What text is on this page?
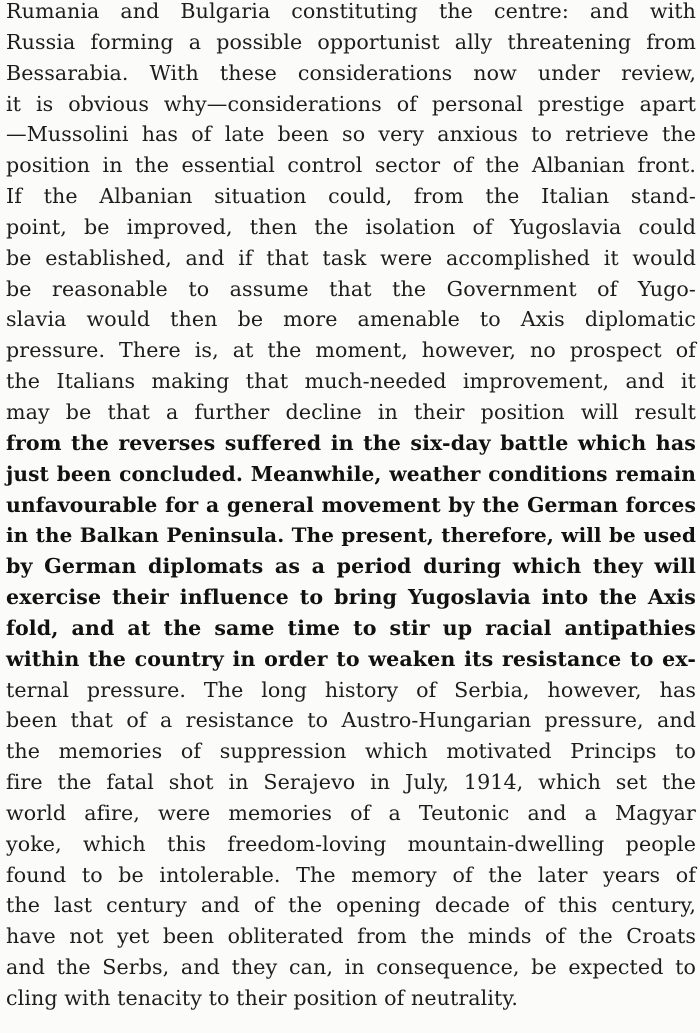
Rumania and Bulgaria constituting the centre: and with
Russia forming a possible opportunist ally threatening from
Bessarabia. With these considerations now under review,
it is obvious why—considerations of personal prestige apart
—Mussolini has of late been so very anxious to retrieve the
position in the essential control sector of the Albanian front.
If the Albanian situation could, from the Italian stand-
point, be improved, then the isolation of Yugoslavia could
be established, and if that task were accomplished it would
be reasonable to assume that the Government of Yugo-
slavia would then be more amenable to Axis diplomatic
pressure. There is, at the moment, however, no prospect of
the Italians making that much-needed improvement, and it
may be that a further decline in their position will result
from the reverses suffered in the six-day battle which has
just been concluded. Meanwhile, weather conditions remain
unfavourable for a general movement by the German forces
in the Balkan Peninsula. The present, therefore, will be used
by German diplomats as a period during which they will
exercise their influence to bring Yugoslavia into the Axis
fold, and at the same time to stir up racial antipathies
within the country in order to weaken its resistance to ex-
ternal pressure. The long history of Serbia, however, has
been that of a resistance to Austro-Hungarian pressure, and
the memories of suppression which motivated Princips to
fire the fatal shot in Serajevo in July, 1914, which set the
world afire, were memories of a Teutonic and a Magyar
yoke, which this freedom-loving mountain-dwelling people
found to be intolerable. The memory of the later years of
the last century and of the opening decade of this century,
have not yet been obliterated from the minds of the Croats
and the Serbs, and they can, in consequence, be expected to
cling with tenacity to their position of neutrality.
